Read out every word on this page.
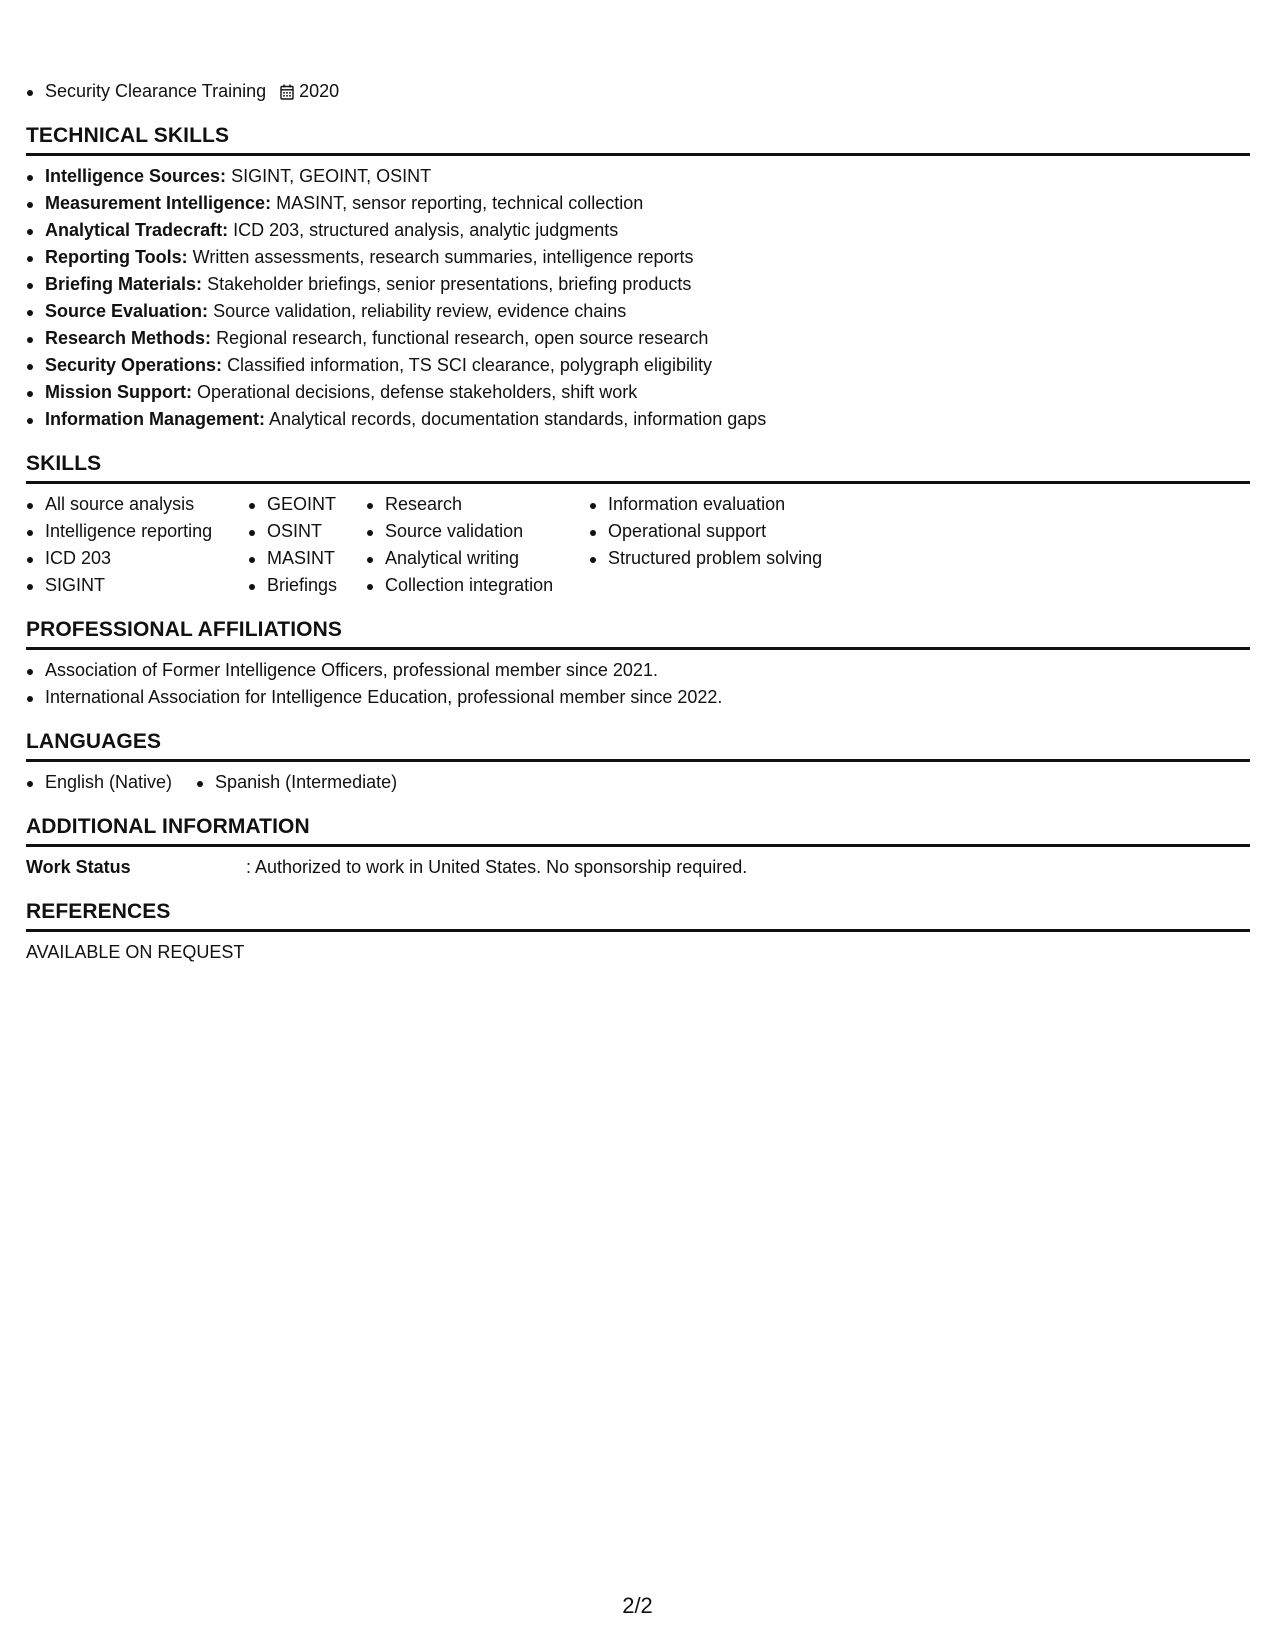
Security Clearance Training 2020
TECHNICAL SKILLS
Intelligence Sources: SIGINT, GEOINT, OSINT
Measurement Intelligence: MASINT, sensor reporting, technical collection
Analytical Tradecraft: ICD 203, structured analysis, analytic judgments
Reporting Tools: Written assessments, research summaries, intelligence reports
Briefing Materials: Stakeholder briefings, senior presentations, briefing products
Source Evaluation: Source validation, reliability review, evidence chains
Research Methods: Regional research, functional research, open source research
Security Operations: Classified information, TS SCI clearance, polygraph eligibility
Mission Support: Operational decisions, defense stakeholders, shift work
Information Management: Analytical records, documentation standards, information gaps
SKILLS
All source analysis
Intelligence reporting
ICD 203
SIGINT
GEOINT
OSINT
MASINT
Briefings
Research
Source validation
Analytical writing
Collection integration
Information evaluation
Operational support
Structured problem solving
PROFESSIONAL AFFILIATIONS
Association of Former Intelligence Officers, professional member since 2021.
International Association for Intelligence Education, professional member since 2022.
LANGUAGES
English (Native)	Spanish (Intermediate)
ADDITIONAL INFORMATION
Work Status	: Authorized to work in United States. No sponsorship required.
REFERENCES
AVAILABLE ON REQUEST
2/2
